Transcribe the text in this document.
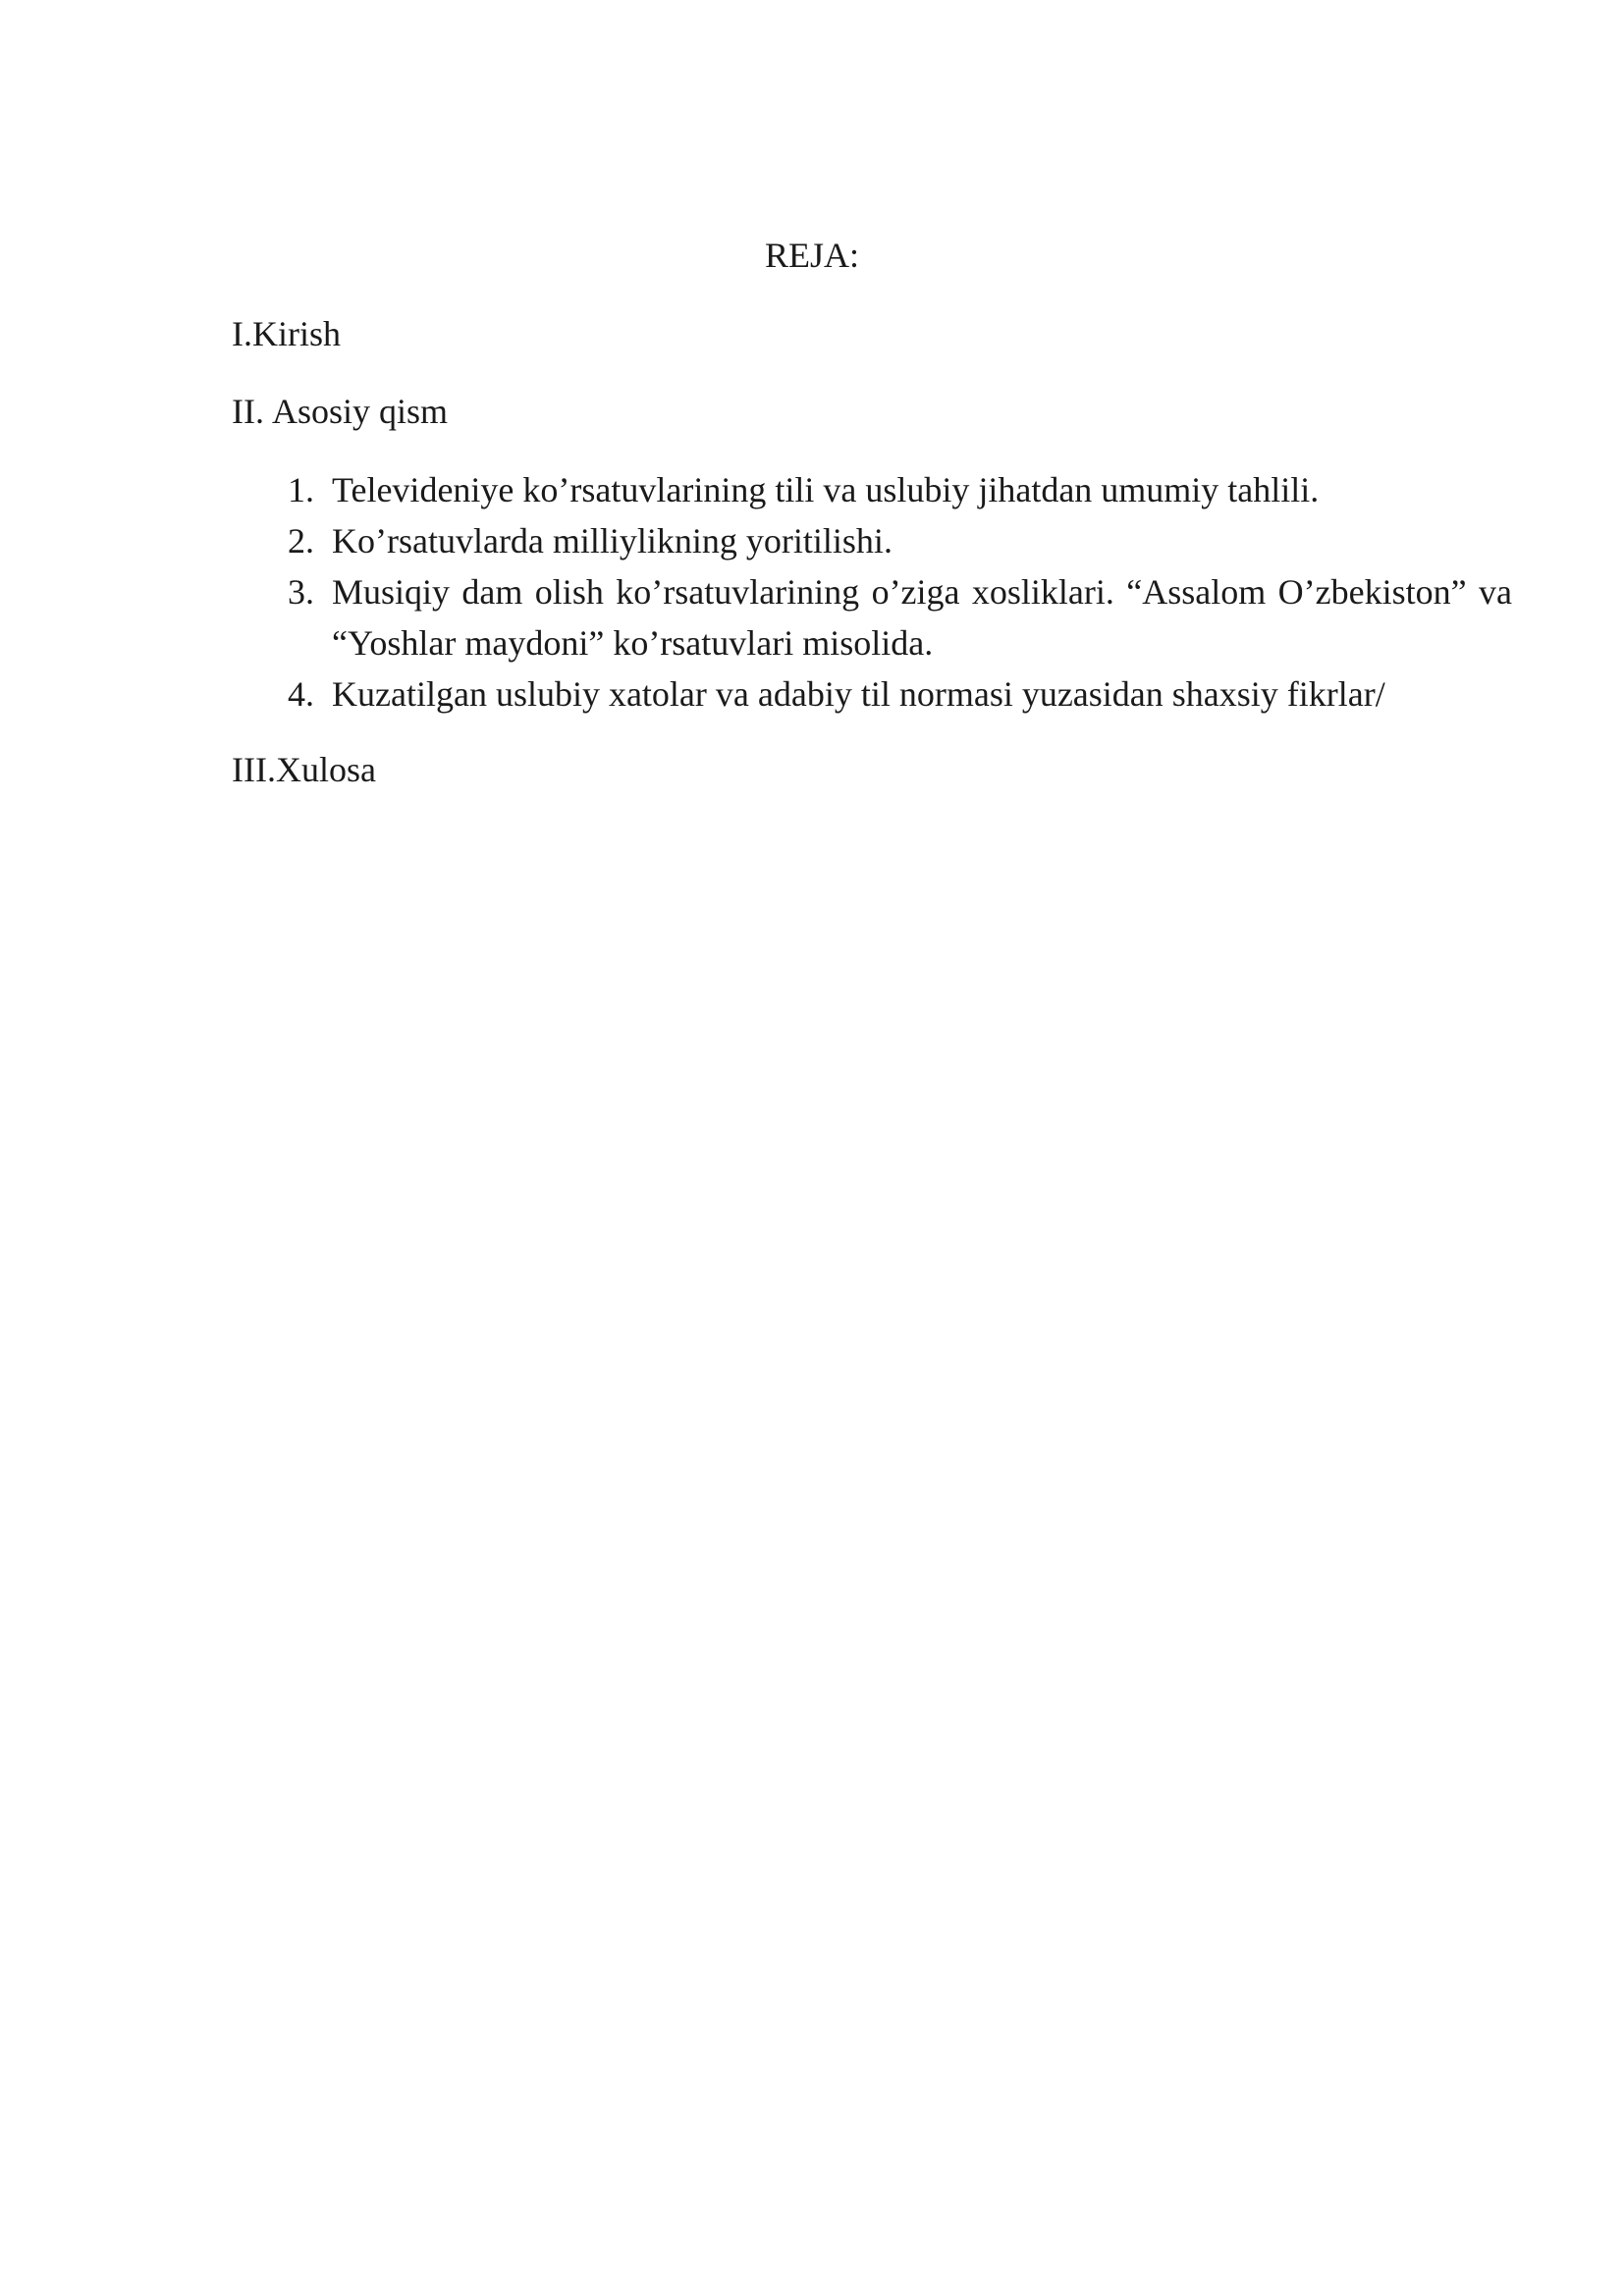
REJA:
I.Kirish
II. Asosiy qism
1. Televideniye ko’rsatuvlarining tili va uslubiy jihatdan umumiy tahlili.
2. Ko’rsatuvlarda milliylikning yoritilishi.
3. Musiqiy dam olish ko’rsatuvlarining o’ziga xosliklari. “Assalom O’zbekiston” va “Yoshlar maydoni” ko’rsatuvlari misolida.
4. Kuzatilgan uslubiy xatolar va adabiy til normasi yuzasidan shaxsiy fikrlar/
III.Xulosa
